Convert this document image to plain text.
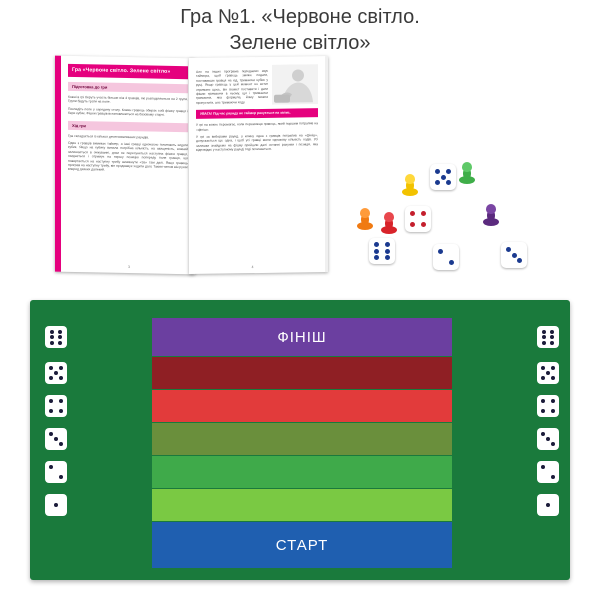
Гра №1. «Червоне світло.
Зелене світло»
Гра «Червоне світло. Зелене світло»
Підготовка до гри

Кожні в грі беруть участь більше ніж 4 гравців, які розподіляються на 2 групи. Групи будуть грати на поле.

Покладіть поле у середину столу. Кожен гравець обирає собі фішку гравця і бере кубик. Фішки гравців встановлюються на базовому старті.

Хід гри

Гра складається із кількох десятихвилинних раундів.

Один з гравців вимикає таймер, а інші гравці одночасно починають кидати кубик. Якщо на кубику випала потрібна кількість, на свищеність, кожний залишається в очікуванні, доки не пересунеться наступна фішка гравця, скидається і отримує на першу позицію попереду поля гравця, що повертається на наступну трибу виникнути «За» там далі. Якщо гравець програв на наступну трибу, він продовжує ходити далі. Таким чином він рухає вперед деяких далекий.

3

Але на інших програма передаємо звук таймера, щоб гравець зможе подати, поставивши гравця на хід, тримаючи кубик у руці. Якщо гравець у цей момент не встиг отримати щось, він скажет поставити і дати фішки тримаючи в ньому, що і тримаючи тримаючи, яка формула, йому можна пропустити, але тримаючи ходу.

УВАГА! Під час раунду не таймер рахується на запис.

У грі на кожне перемагає, коли переможця гравець, який першим потрапив на «фініш».

У грі за виборами раунд, у кожну одна з гравців потрапив на «фініш», допускається ще одна, і щоб усі гравці мали однакову кількість ходів. Усі залишки знайдемо на фішку пройшли далі останні рахунки і позиція, яка відповідає у наступному раунді тоді починається.

4
ФІНІШ
СТАРТ
